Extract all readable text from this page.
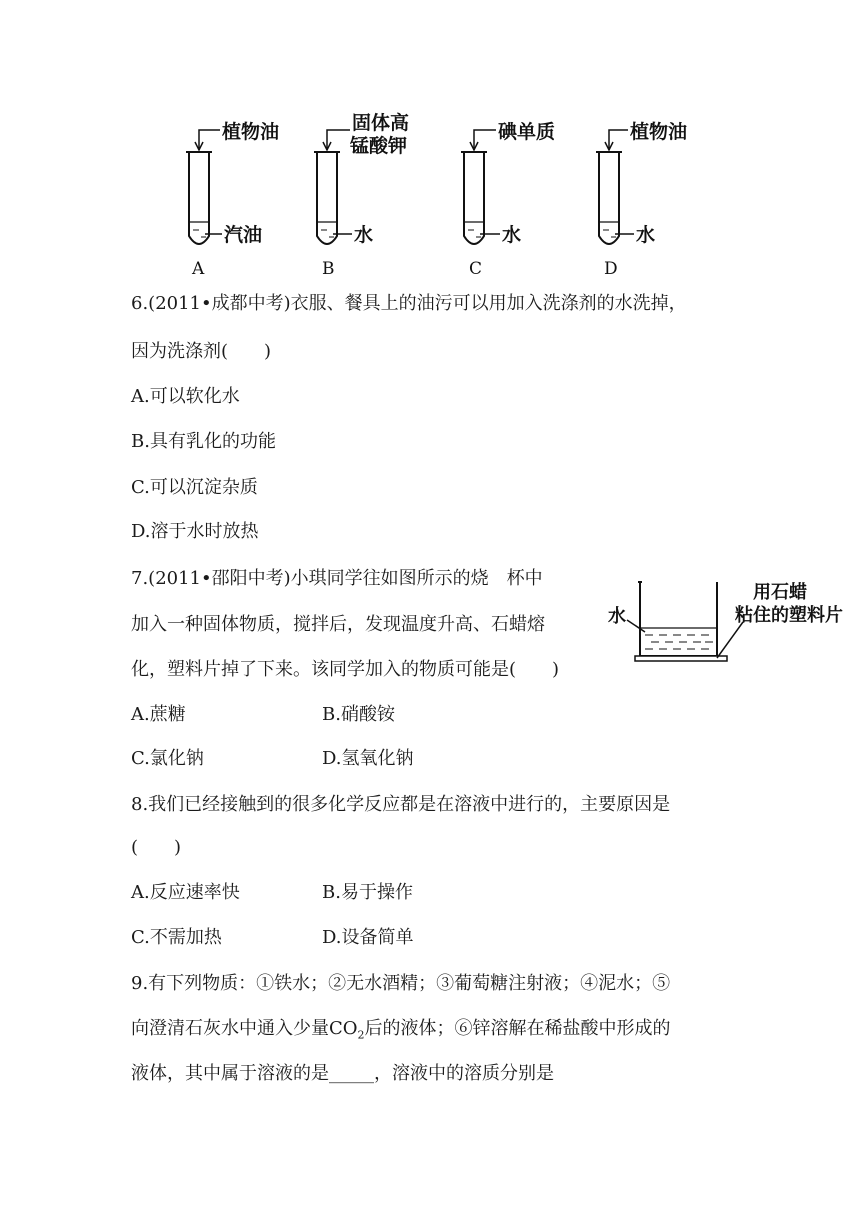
植物油
汽油
A
固体高
锰酸钾
水
B
碘单质
水
C
植物油
水
D
6.(2011•成都中考)衣服、餐具上的油污可以用加入洗涤剂的水洗掉，
因为洗涤剂(　　)
A.可以软化水
B.具有乳化的功能
C.可以沉淀杂质
D.溶于水时放热
7.(2011•邵阳中考)小琪同学往如图所示的烧　杯中
加入一种固体物质，搅拌后，发现温度升高、石蜡熔
化，塑料片掉了下来。该同学加入的物质可能是(　　)
A.蔗糖	B.硝酸铵
C.氯化钠	D.氢氧化钠
水
用石蜡
粘住的塑料片
8.我们已经接触到的很多化学反应都是在溶液中进行的，主要原因是
(　　)
A.反应速率快	B.易于操作
C.不需加热	D.设备简单
9.有下列物质：①铁水；②无水酒精；③葡萄糖注射液；④泥水；⑤
向澄清石灰水中通入少量$CO_2$后的液体；⑥锌溶解在稀盐酸中形成的
液体，其中属于溶液的是_____，溶液中的溶质分别是
